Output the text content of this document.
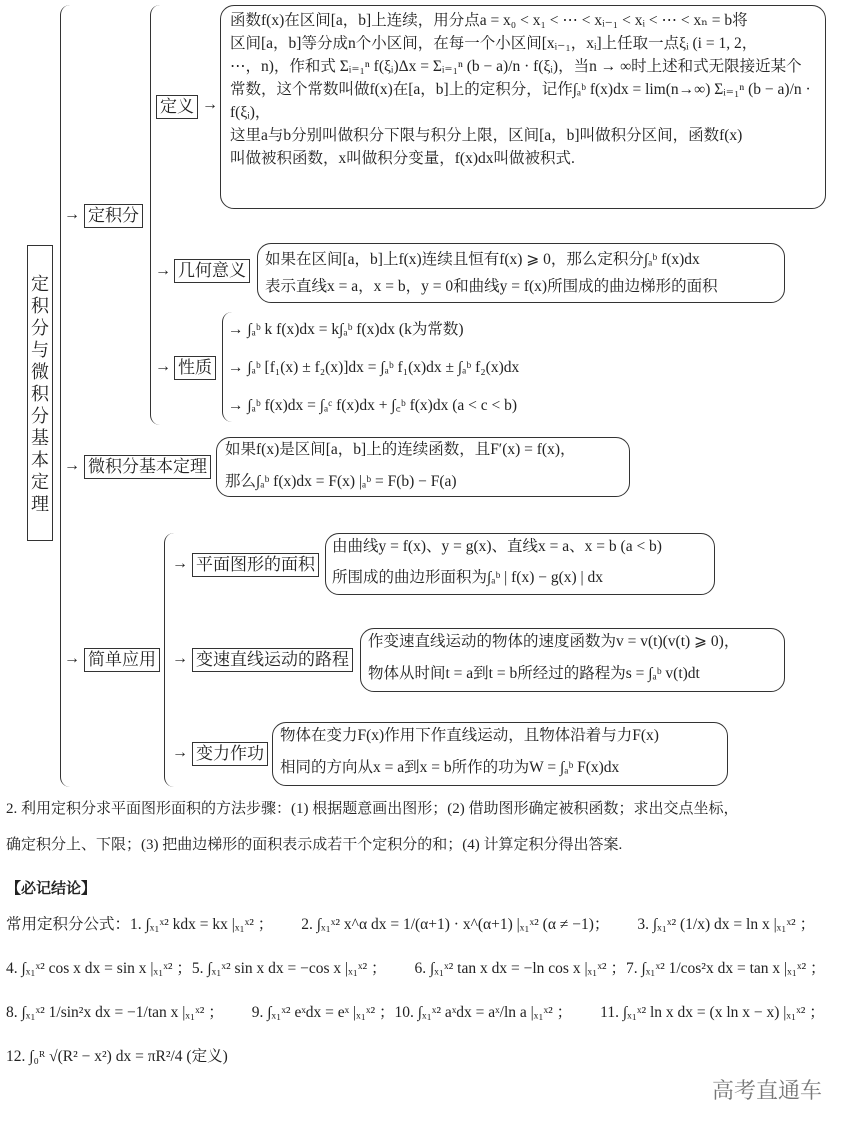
定积分与微积分基本定理
→ 定积分
定义 →
函数f(x)在区间[a，b]上连续，用分点a = x₀ < x₁ < ⋯ < xᵢ₋₁ < xᵢ < ⋯ < xₙ = b将
区间[a，b]等分成n个小区间，在每一个小区间[xᵢ₋₁，xᵢ]上任取一点ξᵢ (i = 1, 2，
⋯，n)，作和式 Σᵢ₌₁ⁿ f(ξᵢ)Δx = Σᵢ₌₁ⁿ (b − a)/n · f(ξᵢ)，当n → ∞时上述和式无限接近某个
常数，这个常数叫做f(x)在[a，b]上的定积分，记作∫ₐᵇ f(x)dx = lim(n→∞) Σᵢ₌₁ⁿ (b − a)/n · f(ξᵢ)，
这里a与b分别叫做积分下限与积分上限，区间[a，b]叫做积分区间，函数f(x)
叫做被积函数，x叫做积分变量，f(x)dx叫做被积式.
→ 几何意义
如果在区间[a，b]上f(x)连续且恒有f(x) ⩾ 0，那么定积分∫ₐᵇ f(x)dx
表示直线x = a，x = b，y = 0和曲线y = f(x)所围成的曲边梯形的面积
→ 性质
→ ∫ₐᵇ k f(x)dx = k∫ₐᵇ f(x)dx (k为常数)
→ ∫ₐᵇ [f₁(x) ± f₂(x)]dx = ∫ₐᵇ f₁(x)dx ± ∫ₐᵇ f₂(x)dx
→ ∫ₐᵇ f(x)dx = ∫ₐᶜ f(x)dx + ∫꜀ᵇ f(x)dx (a < c < b)
→ 微积分基本定理
如果f(x)是区间[a，b]上的连续函数，且F′(x) = f(x)，
那么∫ₐᵇ f(x)dx = F(x) |ₐᵇ = F(b) − F(a)
→ 简单应用
→ 平面图形的面积
由曲线y = f(x)、y = g(x)、直线x = a、x = b (a < b)
所围成的曲边形面积为∫ₐᵇ | f(x) − g(x) | dx
→ 变速直线运动的路程
作变速直线运动的物体的速度函数为v = v(t)(v(t) ⩾ 0)，
物体从时间t = a到t = b所经过的路程为s = ∫ₐᵇ v(t)dt
→ 变力作功
物体在变力F(x)作用下作直线运动，且物体沿着与力F(x)
相同的方向从x = a到x = b所作的功为W = ∫ₐᵇ F(x)dx
2. 利用定积分求平面图形面积的方法步骤：(1) 根据题意画出图形；(2) 借助图形确定被积函数；求出交点坐标，
确定积分上、下限；(3) 把曲边梯形的面积表示成若干个定积分的和；(4) 计算定积分得出答案.
【必记结论】
常用定积分公式：1. ∫ₓ₁ˣ² kdx = kx |ₓ₁ˣ² ； 2. ∫ₓ₁ˣ² x^α dx = 1/(α+1) · x^(α+1) |ₓ₁ˣ² (α ≠ −1)； 3. ∫ₓ₁ˣ² (1/x) dx = ln x |ₓ₁ˣ² ；
4. ∫ₓ₁ˣ² cos x dx = sin x |ₓ₁ˣ² ；5. ∫ₓ₁ˣ² sin x dx = −cos x |ₓ₁ˣ² ； 6. ∫ₓ₁ˣ² tan x dx = −ln cos x |ₓ₁ˣ² ；7. ∫ₓ₁ˣ² 1/cos²x dx = tan x |ₓ₁ˣ² ；
8. ∫ₓ₁ˣ² 1/sin²x dx = −1/tan x |ₓ₁ˣ² ； 9. ∫ₓ₁ˣ² eˣdx = eˣ |ₓ₁ˣ² ；10. ∫ₓ₁ˣ² aˣdx = aˣ/ln a |ₓ₁ˣ² ； 11. ∫ₓ₁ˣ² ln x dx = (x ln x − x) |ₓ₁ˣ² ；
12. ∫₀ᴿ √(R² − x²) dx = πR²/4 (定义)
高考直通车
